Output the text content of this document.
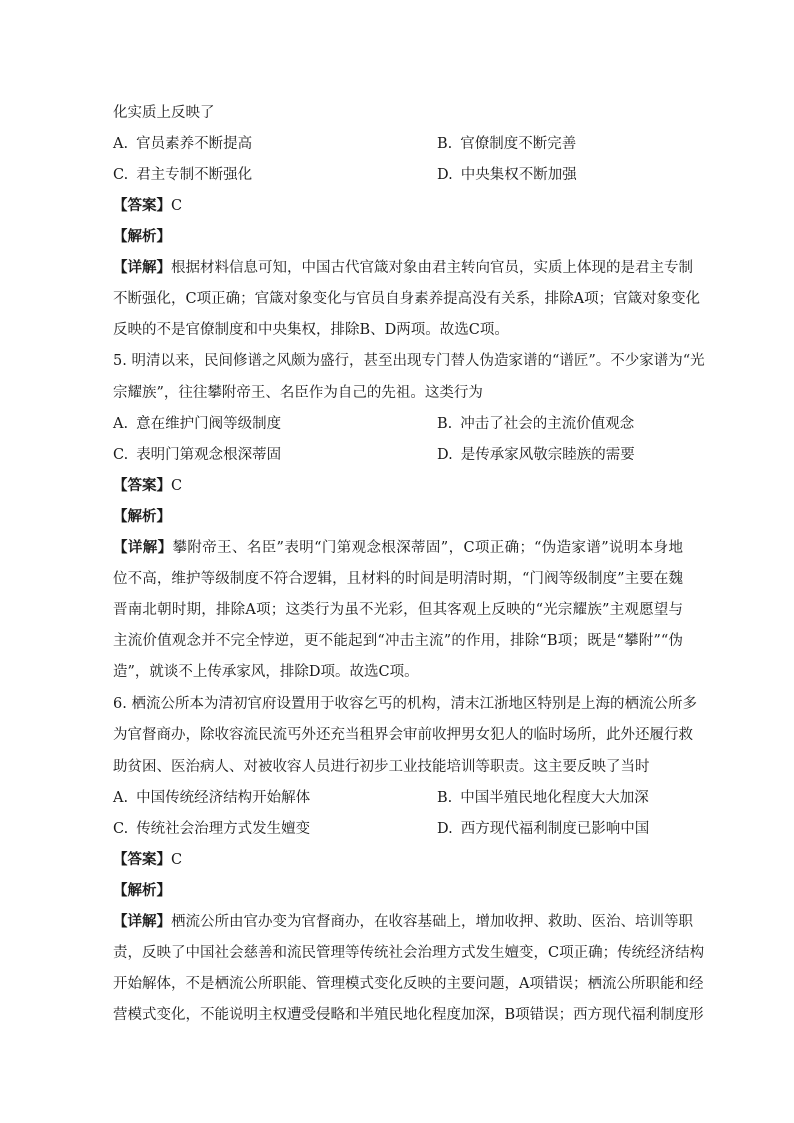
化实质上反映了
A. 官员素养不断提高	B. 官僚制度不断完善
C. 君主专制不断强化	D. 中央集权不断加强
【答案】C
【解析】
【详解】根据材料信息可知，中国古代官箴对象由君主转向官员，实质上体现的是君主专制
不断强化，C项正确；官箴对象变化与官员自身素养提高没有关系，排除A项；官箴对象变化
反映的不是官僚制度和中央集权，排除B、D两项。故选C项。
5. 明清以来，民间修谱之风颇为盛行，甚至出现专门替人伪造家谱的“谱匠”。不少家谱为“光
宗耀族”，往往攀附帝王、名臣作为自己的先祖。这类行为
A. 意在维护门阀等级制度	B. 冲击了社会的主流价值观念
C. 表明门第观念根深蒂固	D. 是传承家风敬宗睦族的需要
【答案】C
【解析】
【详解】攀附帝王、名臣”表明“门第观念根深蒂固”，C项正确；“伪造家谱”说明本身地
位不高，维护等级制度不符合逻辑，且材料的时间是明清时期，“门阀等级制度”主要在魏
晋南北朝时期，排除A项；这类行为虽不光彩，但其客观上反映的“光宗耀族”主观愿望与
主流价值观念并不完全悖逆，更不能起到“冲击主流”的作用，排除“B项；既是“攀附”“伪
造”，就谈不上传承家风，排除D项。故选C项。
6. 栖流公所本为清初官府设置用于收容乞丐的机构，清末江浙地区特别是上海的栖流公所多
为官督商办，除收容流民流丐外还充当租界会审前收押男女犯人的临时场所，此外还履行救
助贫困、医治病人、对被收容人员进行初步工业技能培训等职责。这主要反映了当时
A. 中国传统经济结构开始解体	B. 中国半殖民地化程度大大加深
C. 传统社会治理方式发生嬗变	D. 西方现代福利制度已影响中国
【答案】C
【解析】
【详解】栖流公所由官办变为官督商办，在收容基础上，增加收押、救助、医治、培训等职
责，反映了中国社会慈善和流民管理等传统社会治理方式发生嬗变，C项正确；传统经济结构
开始解体，不是栖流公所职能、管理模式变化反映的主要问题，A项错误；栖流公所职能和经
营模式变化，不能说明主权遭受侵略和半殖民地化程度加深，B项错误；西方现代福利制度形
